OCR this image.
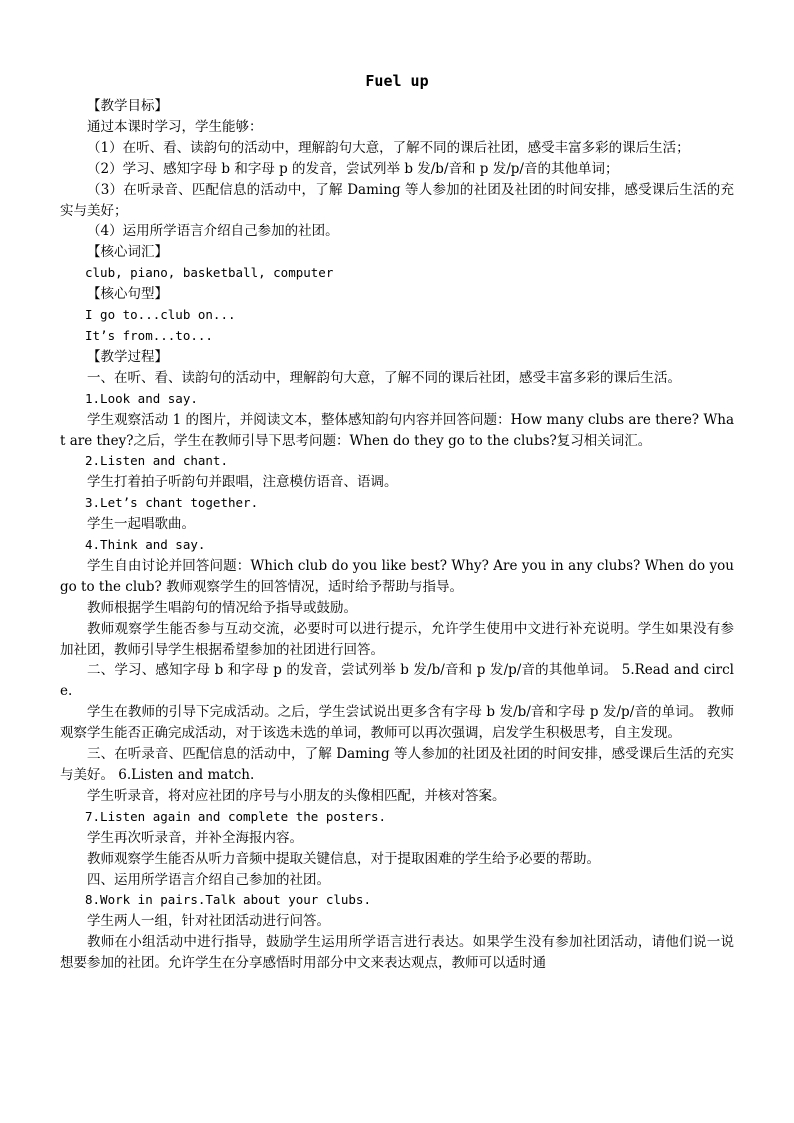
Fuel up

【教学目标】

通过本课时学习，学生能够：

（1）在听、看、读韵句的活动中，理解韵句大意，了解不同的课后社团，感受丰富多彩的课后生活；

（2）学习、感知字母 b 和字母 p 的发音，尝试列举 b 发/b/音和 p 发/p/音的其他单词；

（3）在听录音、匹配信息的活动中，了解 Daming 等人参加的社团及社团的时间安排，感受课后生活的充实与美好；

（4）运用所学语言介绍自己参加的社团。

【核心词汇】

club, piano, basketball, computer

【核心句型】

I go to...club on...

It’s from...to...

【教学过程】

一、在听、看、读韵句的活动中，理解韵句大意，了解不同的课后社团，感受丰富多彩的课后生活。

1.Look and say.

学生观察活动 1 的图片，并阅读文本，整体感知韵句内容并回答问题：How many clubs are there? What are they?之后，学生在教师引导下思考问题：When do they go to the clubs?复习相关词汇。

2.Listen and chant.

学生打着拍子听韵句并跟唱，注意模仿语音、语调。

3.Let’s chant together.

学生一起唱歌曲。

4.Think and say.

学生自由讨论并回答问题：Which club do you like best? Why? Are you in any clubs? When do you go to the club? 教师观察学生的回答情况，适时给予帮助与指导。

教师根据学生唱韵句的情况给予指导或鼓励。

教师观察学生能否参与互动交流，必要时可以进行提示，允许学生使用中文进行补充说明。学生如果没有参加社团，教师引导学生根据希望参加的社团进行回答。

二、学习、感知字母 b 和字母 p 的发音，尝试列举 b 发/b/音和 p 发/p/音的其他单词。 5.Read and circle.

学生在教师的引导下完成活动。之后，学生尝试说出更多含有字母 b 发/b/音和字母 p 发/p/音的单词。 教师观察学生能否正确完成活动，对于该选未选的单词，教师可以再次强调，启发学生积极思考，自主发现。

三、在听录音、匹配信息的活动中，了解 Daming 等人参加的社团及社团的时间安排，感受课后生活的充实与美好。 6.Listen and match.

学生听录音，将对应社团的序号与小朋友的头像相匹配，并核对答案。

7.Listen again and complete the posters.

学生再次听录音，并补全海报内容。

教师观察学生能否从听力音频中提取关键信息，对于提取困难的学生给予必要的帮助。

四、运用所学语言介绍自己参加的社团。

8.Work in pairs.Talk about your clubs.

学生两人一组，针对社团活动进行问答。

教师在小组活动中进行指导，鼓励学生运用所学语言进行表达。如果学生没有参加社团活动，请他们说一说想要参加的社团。允许学生在分享感悟时用部分中文来表达观点，教师可以适时通
